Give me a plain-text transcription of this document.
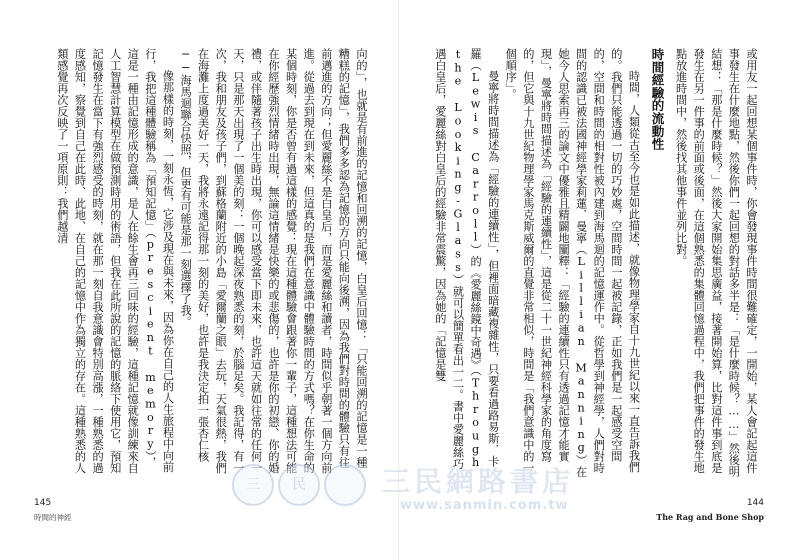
向的」，也就是有前進的記憶和回溯的記憶，白皇后回憶：「只能回溯的記憶是一種糟糕的記憶」，我們多多認為記憶的方向只能向後溯，因為我們對時間的體驗只有往前邁進的方向；但愛麗絲不是白皇后，而是愛麗絲和讀者，時間似乎朝著一個方向前進。從過去到現在到未來，但這真的是我們在意識中體驗時間的方式嗎？在你生命的某個時刻，你是否曾有過這樣的感覺：現在這種體驗會跟著你一輩子，這種想法可能在你經歷強烈情緒時出現，無論這情緒是快樂的或悲傷的，也許是你的初戀、你的婚禮，或伴隨著孩子出生時出現，你可以感受當下即未來，也許這天就如往常的任何一天，只是那天出現了一個美的刻：一個晚起深夜熟悉的刻，於腦足矣。我記得，有一次，我和朋友及孩子們，到蘇格蘭附近的小島「愛爾蘭之眼」去玩，天氣很熱，我們在海灘上度過美好一天，我將永遠記得那一刻的美好，也許是我決定拍一張杏仁核──海馬迴聯合快照，但更有可能是那一刻選擇了我。

像那樣的時刻，一刻永恆，它涉及現在與未來，因為你在自己的人生旅程中向前行，我把這種體驗稱為「預知記憶」（prescient memory），這是一種由記憶形成的意識，是人在餘生會再三回味的經驗，這種記憶就像訓練來自人工智慧計算模型在做預測時用的術語，但我在此所說的記憶的脈絡下使用它，預知記憶發生在當下有強烈感受的時刻，就在那一刻自我意識會特別高漲，一種熟悉的過度感知，察覺到自己在此時、此地、在自己的記憶中作為獨立的存在。這種熟悉的人類感覺再次反映了一項原則：我們越清

145
時間的神經

或用友一起回想某個事件時，你會發現事件時間很難確定，一開始，某人會記起這件事發生在什麼地點，然後你們一起回想的對話多半是：「是什麼時候？……」然後明結想：「那是什麼時候？」然後大家開始集思廣益，接著開始算，比對這件事到底是發生在另一件事的前面或後面，在這個熟悉的集體回憶過程中，我們把事件的發生地點放進時間中，然後找其他事件並列比對。

時間經驗的流動性

時間，人類從古至今也是如此描述，就像物理學家自十九世紀以來一直告訴我們的。我們只能透過一切的巧妙處，空間時間一起被記錄，正如我們是一起感受空間的，空間和時間的相對性被內建到海馬迴的記憶運作中。從哲學到神經學，人們對時間的認識已被法國神經學家莉蓮．曼寧（Lillian Manning）在她今人思索再三的論文中優雅且精闢地闡釋：「經驗的連續性只有透過記憶才能實現」，曼寧將時間描述為「經驗的連續性」，這是從二十一世紀神經科學家的角度寫的，但它與十九世紀物理學家馬克斯威爾的直覺非常相似，時間是「我們意識中的一個順序」。

曼寧將時間描述為「經驗的連續性」，但裡面暗藏複雜性，只要看過路易斯．卡羅（Lewis Carroll）的《愛麗絲鏡中奇遇》（Through the Looking-Glass）就可以簡單看出一二。書中愛麗絲巧遇白皇后，愛麗絲對白皇后的經驗非常震驚，因為她的「記憶是雙

144
The Rag and Bone Shop
三	民	三民網路書店
www.sanmin.com.tw
